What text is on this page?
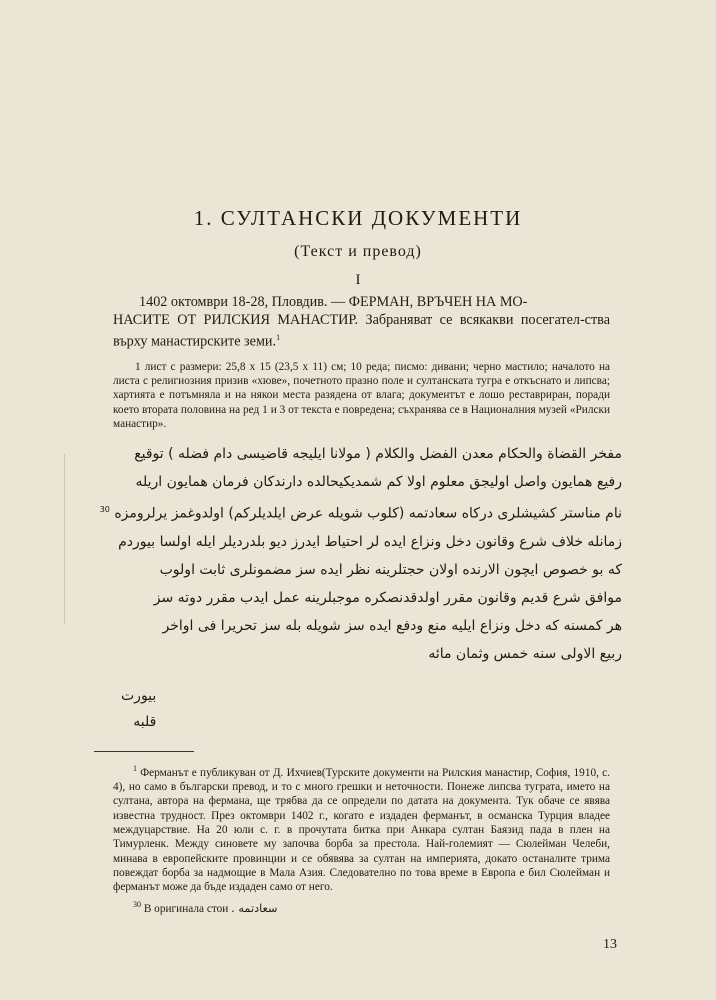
1. СУЛТАНСКИ ДОКУМЕНТИ
(Текст и превод)
I
1402 октомври 18-28, Пловдив. — ФЕРМАН, ВРЪЧЕН НА МО-
НАСИТЕ ОТ РИЛСКИЯ МАНАСТИР. Забраняват се всякакви посегател-ства върху манастирските земи.$^1$

1 лист с размери: 25,8 х 15 (23,5 х 11) см; 10 реда; писмо: дивани; черно мастило; началото на листа с религиозния призив «хюве», почетното празно поле и султанската тугра е откъснато и липсва; хартията е потъмняла и на някои места разядена от влага; документът е лошо реставриран, поради което втората половина на ред 1 и 3 от текста е повредена; съхранява се в Националния музей «Рилски манастир».

مفخر القضاة والحكام معدن الفضل والكلام ( مولانا ايلیجه قاضیسی دام فضله ) توقیع
رفیع همایون واصل اولیجق معلوم اولا كم شمدیكیحالده دارندكان فرمان همایون اریله
نام مناستر كشیشلری دركاه سعادتمه (كلوب شویله عرض ایلدیلركم) اولدوغمز یرلرومزه $^{30}$
زمانله خلاف شرع وقانون دخل ونزاع ایده لر احتیاط ایدرز دیو بلدردیلر ایله اولسا بیوردم
كه بو خصوص ایچون الارنده اولان حجتلرینه نظر ایده سز مضمونلری ثابت اولوب
موافق شرع قدیم وقانون مقرر اولدقدنصكره موجبلرینه عمل ایدب مقرر دوته سز
هر كمسنه كه دخل ونزاع ایلیه منع ودفع ایده سز شویله بله سز تحریرا فی اواخر
ربیع الاولی سنه خمس وثمان مائه
بیورت
قلبه

$^1$ Ферманът е публикуван от Д. Ихчиев(Турските документи на Рилския манастир, София, 1910, с. 4), но само в български превод, и то с много грешки и неточности. Понеже липсва туграта, името на султана, автора на фермана, ще трябва да се определи по датата на документа. Тук обаче се явява известна трудност. През октомври 1402 г., когато е издаден ферманът, в османска Турция владее междуцарствие. На 20 юли с. г. в прочутата битка при Анкара султан Баязид пада в плен на Тимурленк. Между синовете му започва борба за престола. Най-големият — Сюлейман Челеби, минава в европейските провинции и се обявява за султан на империята, докато останалите трима повеждат борба за надмощие в Мала Азия. Следователно по това време в Европа е бил Сюлейман и ферманът може да бъде издаден само от него.

$^{30}$ В оригинала стои سعادتمه .

13
